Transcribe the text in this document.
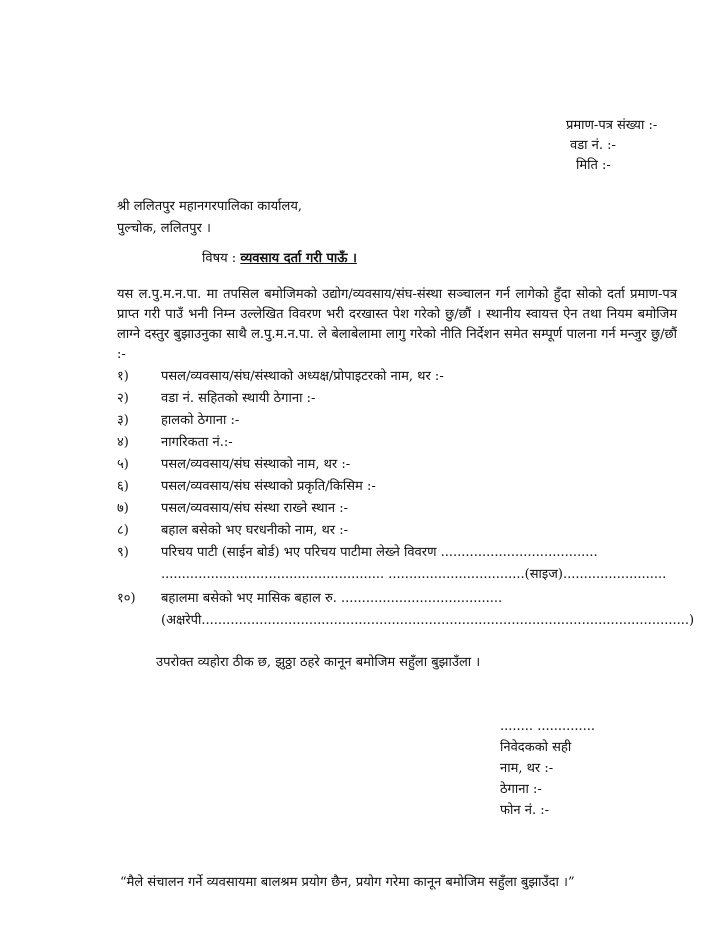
प्रमाण-पत्र संख्या :-
वडा नं. :-
मिति :-
श्री ललितपुर महानगरपालिका कार्यालय,
पुल्चोक, ललितपुर ।
विषय : व्यवसाय दर्ता गरी पाऊँ ।
यस ल.पु.म.न.पा. मा तपसिल बमोजिमको उद्योग/व्यवसाय/संघ-संस्था सञ्चालन गर्न लागेको हुँदा सोको दर्ता प्रमाण-पत्र प्राप्त गरी पाउँ भनी निम्न उल्लेखित विवरण भरी दरखास्त पेश गरेको छु/छौं । स्थानीय स्वायत्त ऐन तथा नियम बमोजिम लाग्ने दस्तुर बुझाउनुका साथै ल.पु.म.न.पा. ले बेलाबेलामा लागु गरेको नीति निर्देशन समेत सम्पूर्ण पालना गर्न मन्जुर छु/छौं :-
१)	पसल/व्यवसाय/संघ/संस्थाको अध्यक्ष/प्रोपाइटरको नाम, थर :-
२)	वडा नं. सहितको स्थायी ठेगाना :-
३)	हालको ठेगाना :-
४)	नागरिकता नं.:-
५)	पसल/व्यवसाय/संघ संस्थाको नाम, थर :-
६)	पसल/व्यवसाय/संघ संस्थाको प्रकृति/किसिम :-
७)	पसल/व्यवसाय/संघ संस्था राख्ने स्थान :-
८)	बहाल बसेको भए घरधनीको नाम, थर :-
९)	परिचय पाटी (साईन बोर्ड) भए परिचय पाटीमा लेख्ने विवरण ......................................
...................................................... .................................(साइज).........................
१०)	बहालमा बसेको भए मासिक बहाल रु. .......................................
(अक्षरेपी......................................................................................................................)
उपरोक्त व्यहोरा ठीक छ, झुठ्ठा ठहरे कानून बमोजिम सहुँला बुझाउँला ।
........ ..............
निवेदकको सही
नाम, थर :-
ठेगाना :-
फोन नं. :-
“मैले संचालन गर्ने व्यवसायमा बालश्रम प्रयोग छैन, प्रयोग गरेमा कानून बमोजिम सहुँला बुझाउँदा ।”
